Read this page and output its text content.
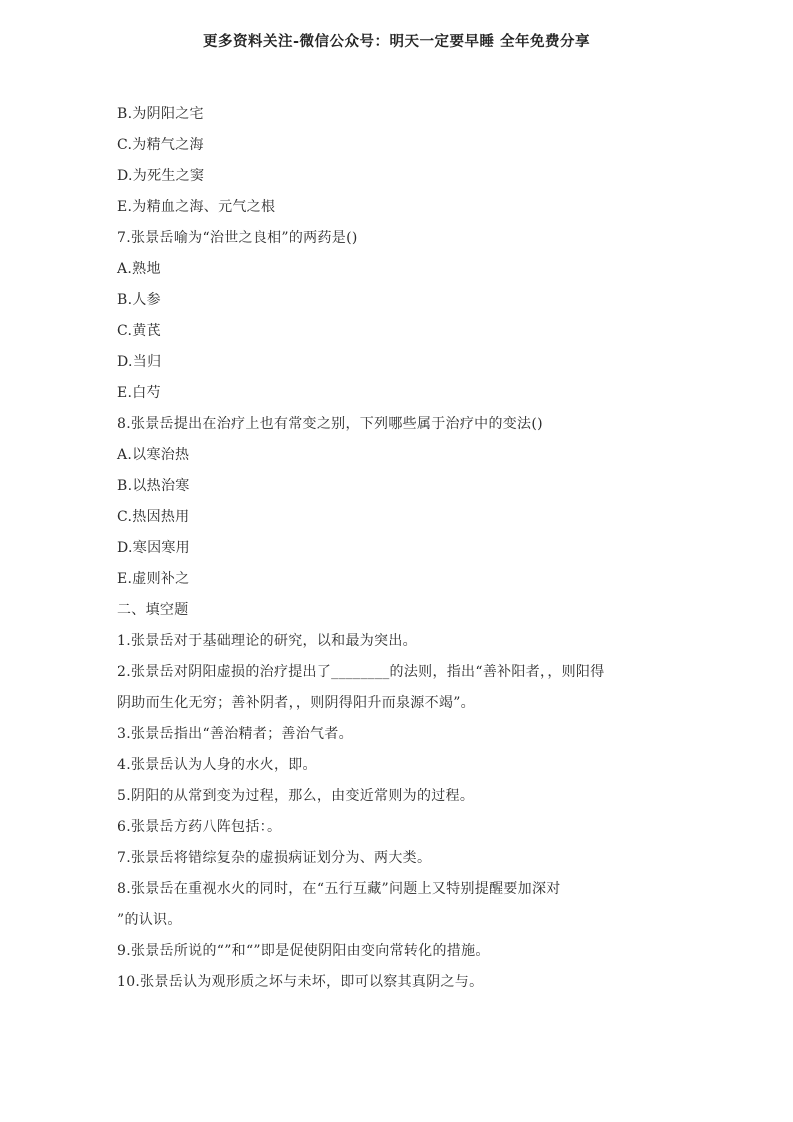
更多资料关注-微信公众号：明天一定要早睡 全年免费分享
B.为阴阳之宅
C.为精气之海
D.为死生之窦
E.为精血之海、元气之根
7.张景岳喻为“治世之良相”的两药是()
A.熟地
B.人参
C.黄芪
D.当归
E.白芍
8.张景岳提出在治疗上也有常变之别，下列哪些属于治疗中的变法()
A.以寒治热
B.以热治寒
C.热因热用
D.寒因寒用
E.虚则补之
二、填空题
1.张景岳对于基础理论的研究，以和最为突出。
2.张景岳对阴阳虚损的治疗提出了________的法则，指出“善补阳者，，则阳得
阴助而生化无穷；善补阴者，，则阴得阳升而泉源不竭”。
3.张景岳指出“善治精者；善治气者。
4.张景岳认为人身的水火，即。
5.阴阳的从常到变为过程，那么，由变近常则为的过程。
6.张景岳方药八阵包括：。
7.张景岳将错综复杂的虚损病证划分为、两大类。
8.张景岳在重视水火的同时，在“五行互藏”问题上又特别提醒要加深对
”的认识。
9.张景岳所说的“”和“”即是促使阴阳由变向常转化的措施。
10.张景岳认为观形质之坏与未坏，即可以察其真阴之与。
